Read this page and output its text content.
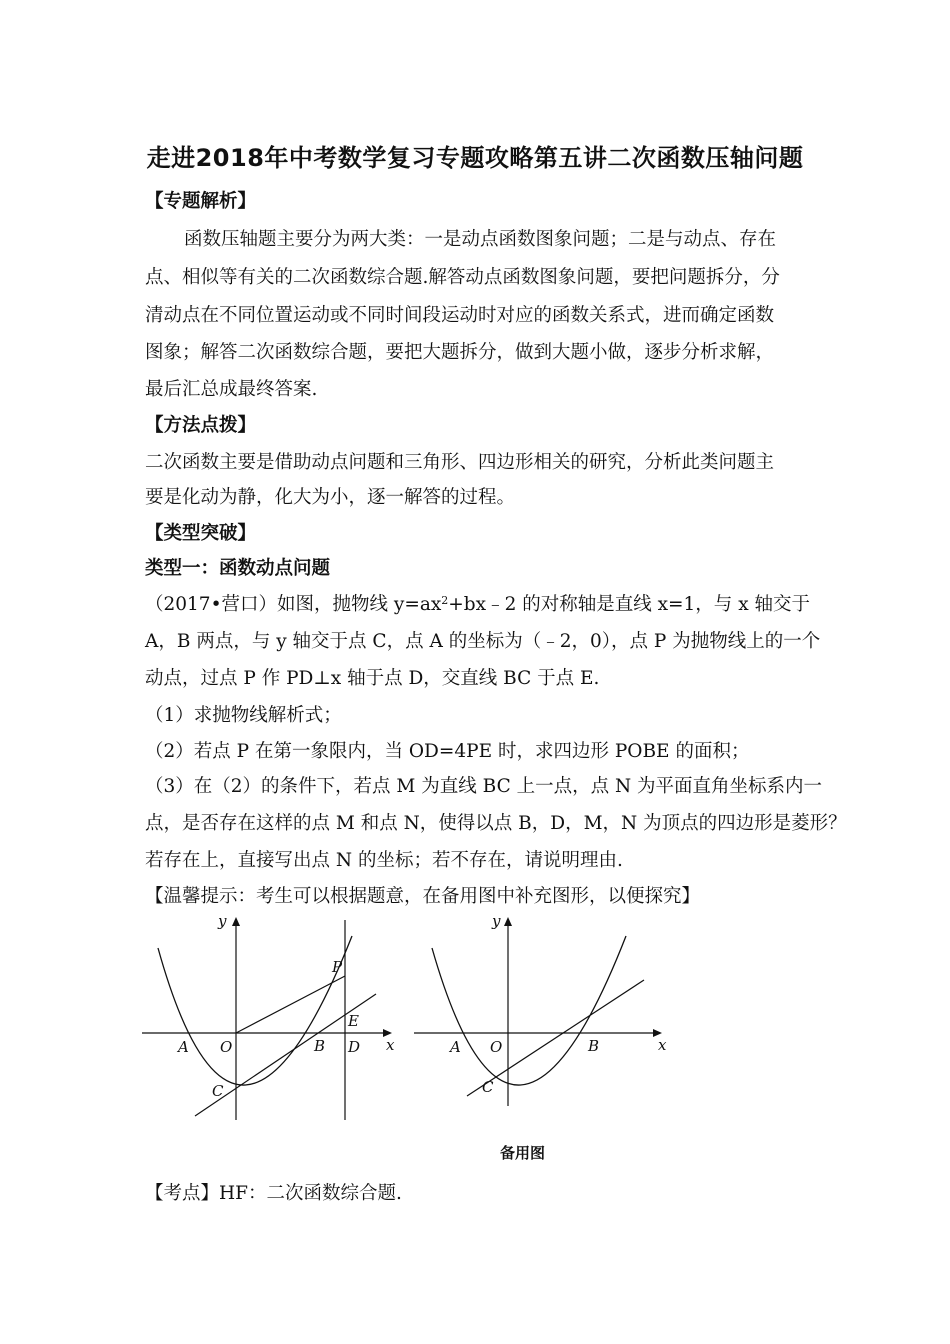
走进2018年中考数学复习专题攻略第五讲二次函数压轴问题
【专题解析】
函数压轴题主要分为两大类：一是动点函数图象问题；二是与动点、存在
点、相似等有关的二次函数综合题.解答动点函数图象问题，要把问题拆分，分
清动点在不同位置运动或不同时间段运动时对应的函数关系式，进而确定函数
图象；解答二次函数综合题，要把大题拆分，做到大题小做，逐步分析求解，
最后汇总成最终答案.
【方法点拨】
二次函数主要是借助动点问题和三角形、四边形相关的研究，分析此类问题主
要是化动为静，化大为小，逐一解答的过程。
【类型突破】
类型一：函数动点问题
（2017•营口）如图，抛物线 $y=ax^2+bx﹣2$ 的对称轴是直线 x=1，与 x 轴交于
A，B 两点，与 y 轴交于点 C，点 A 的坐标为（﹣2，0），点 P 为抛物线上的一个
动点，过点 P 作 PD⊥x 轴于点 D，交直线 BC 于点 E.
（1）求抛物线解析式；
（2）若点 P 在第一象限内，当 OD=4PE 时，求四边形 POBE 的面积；
（3）在（2）的条件下，若点 M 为直线 BC 上一点，点 N 为平面直角坐标系内一
点，是否存在这样的点 M 和点 N，使得以点 B，D，M，N 为顶点的四边形是菱形？
若存在上，直接写出点 N 的坐标；若不存在，请说明理由.
【温馨提示：考生可以根据题意，在备用图中补充图形，以便探究】
y
x
O
A	B
C
P
E
D
y
x
O
A	B
C
备用图
【考点】HF：二次函数综合题.
